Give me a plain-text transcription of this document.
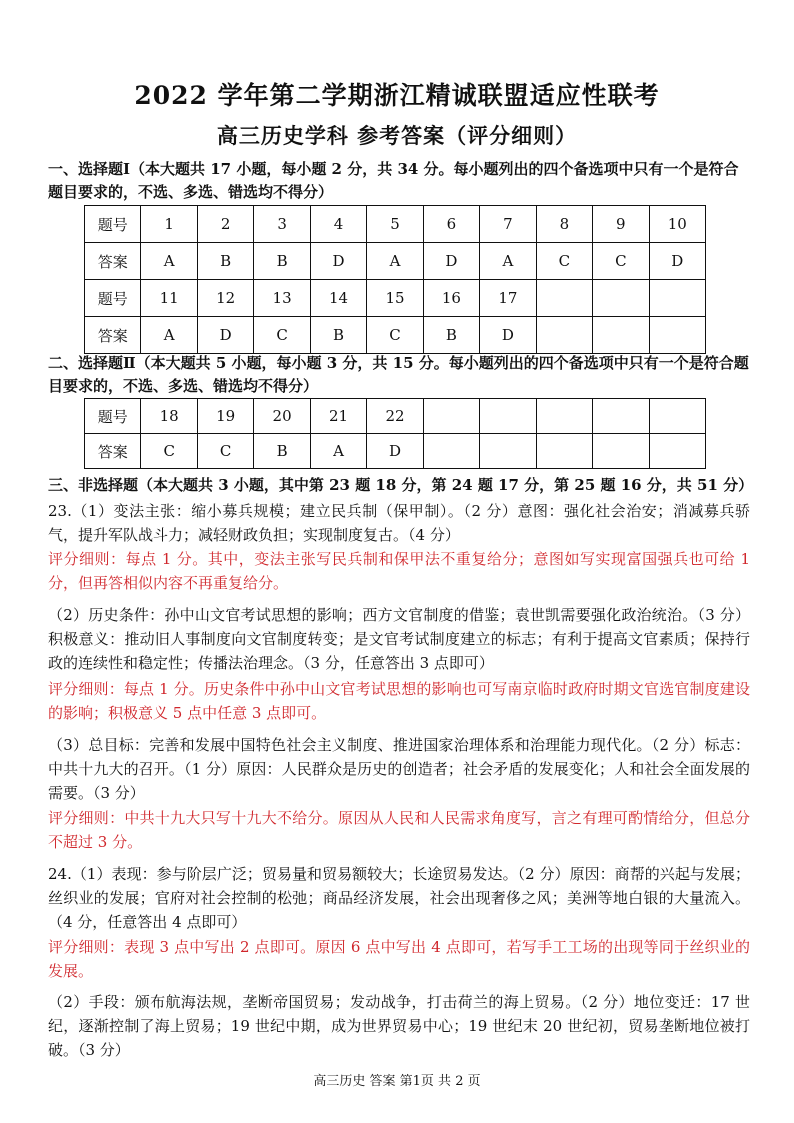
2022 学年第二学期浙江精诚联盟适应性联考
高三历史学科 参考答案（评分细则）
一、选择题Ⅰ（本大题共 17 小题，每小题 2 分，共 34 分。每小题列出的四个备选项中只有一个是符合题目要求的，不选、多选、错选均不得分）
题号	1	2	3	4	5	6	7	8	9	10
答案	A	B	B	D	A	D	A	C	C	D
题号	11	12	13	14	15	16	17			
答案	A	D	C	B	C	B	D			
二、选择题Ⅱ（本大题共 5 小题，每小题 3 分，共 15 分。每小题列出的四个备选项中只有一个是符合题目要求的，不选、多选、错选均不得分）
题号	18	19	20	21	22					
答案	C	C	B	A	D					
三、非选择题（本大题共 3 小题，其中第 23 题 18 分，第 24 题 17 分，第 25 题 16 分，共 51 分）
23.（1）变法主张：缩小募兵规模；建立民兵制（保甲制）。（2 分）意图：强化社会治安；消减募兵骄气，提升军队战斗力；减轻财政负担；实现制度复古。（4 分）
评分细则：每点 1 分。其中，变法主张写民兵制和保甲法不重复给分；意图如写实现富国强兵也可给 1 分，但再答相似内容不再重复给分。
（2）历史条件：孙中山文官考试思想的影响；西方文官制度的借鉴；袁世凯需要强化政治统治。（3 分）积极意义：推动旧人事制度向文官制度转变；是文官考试制度建立的标志；有利于提高文官素质；保持行政的连续性和稳定性；传播法治理念。（3 分，任意答出 3 点即可）
评分细则：每点 1 分。历史条件中孙中山文官考试思想的影响也可写南京临时政府时期文官选官制度建设的影响；积极意义 5 点中任意 3 点即可。
（3）总目标：完善和发展中国特色社会主义制度、推进国家治理体系和治理能力现代化。（2 分）标志：中共十九大的召开。（1 分）原因：人民群众是历史的创造者；社会矛盾的发展变化；人和社会全面发展的需要。（3 分）
评分细则：中共十九大只写十九大不给分。原因从人民和人民需求角度写，言之有理可酌情给分，但总分不超过 3 分。
24.（1）表现：参与阶层广泛；贸易量和贸易额较大；长途贸易发达。（2 分）原因：商帮的兴起与发展；丝织业的发展；官府对社会控制的松弛；商品经济发展，社会出现奢侈之风；美洲等地白银的大量流入。（4 分，任意答出 4 点即可）
评分细则：表现 3 点中写出 2 点即可。原因 6 点中写出 4 点即可，若写手工工场的出现等同于丝织业的发展。
（2）手段：颁布航海法规，垄断帝国贸易；发动战争，打击荷兰的海上贸易。（2 分）地位变迁：17 世纪，逐渐控制了海上贸易；19 世纪中期，成为世界贸易中心；19 世纪末 20 世纪初，贸易垄断地位被打破。（3 分）
高三历史 答案 第1页 共 2 页
